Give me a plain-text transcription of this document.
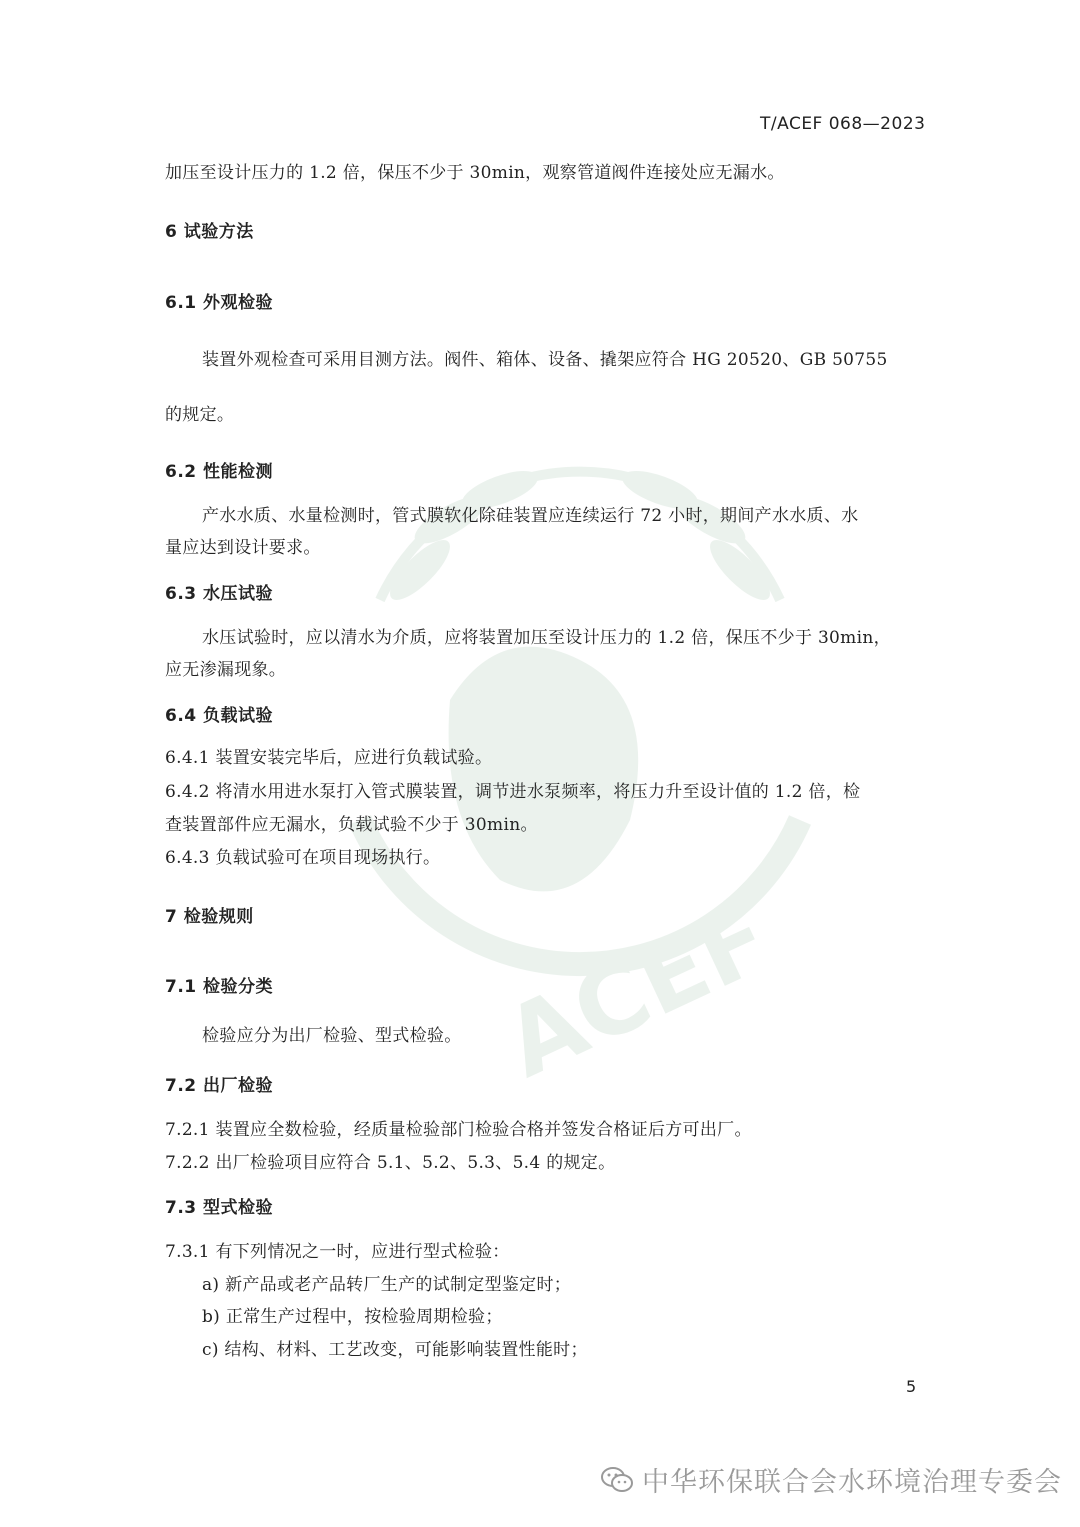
ACEF
T/ACEF 068—2023
加压至设计压力的 1.2 倍，保压不少于 30min，观察管道阀件连接处应无漏水。
6 试验方法
6.1 外观检验
装置外观检查可采用目测方法。阀件、箱体、设备、撬架应符合 HG 20520、GB 50755
的规定。
6.2 性能检测
产水水质、水量检测时，管式膜软化除硅装置应连续运行 72 小时，期间产水水质、水
量应达到设计要求。
6.3 水压试验
水压试验时，应以清水为介质，应将装置加压至设计压力的 1.2 倍，保压不少于 30min，
应无渗漏现象。
6.4 负载试验
6.4.1 装置安装完毕后，应进行负载试验。
6.4.2 将清水用进水泵打入管式膜装置，调节进水泵频率，将压力升至设计值的 1.2 倍，检
查装置部件应无漏水，负载试验不少于 30min。
6.4.3 负载试验可在项目现场执行。
7 检验规则
7.1 检验分类
检验应分为出厂检验、型式检验。
7.2 出厂检验
7.2.1 装置应全数检验，经质量检验部门检验合格并签发合格证后方可出厂。
7.2.2 出厂检验项目应符合 5.1、5.2、5.3、5.4 的规定。
7.3 型式检验
7.3.1 有下列情况之一时，应进行型式检验：
a) 新产品或老产品转厂生产的试制定型鉴定时；
b) 正常生产过程中，按检验周期检验；
c) 结构、材料、工艺改变，可能影响装置性能时；
5
中华环保联合会水环境治理专委会
